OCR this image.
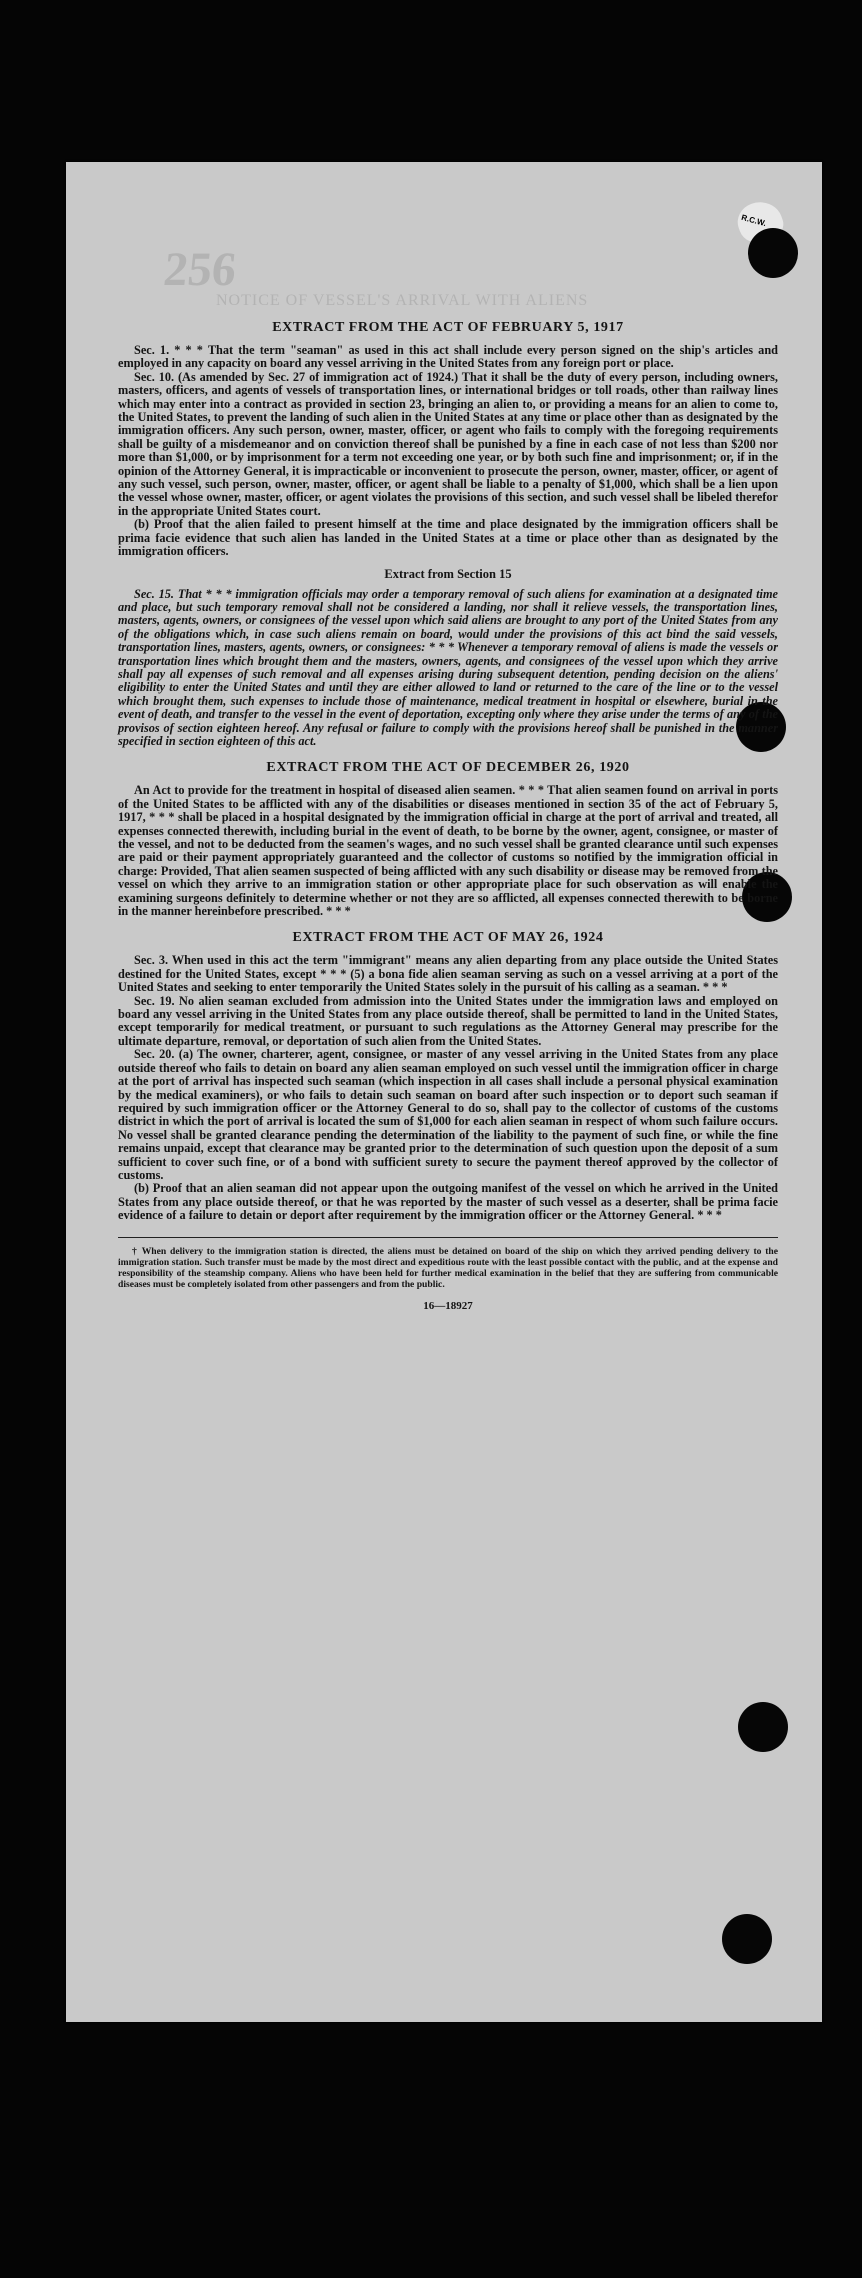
256
NOTICE OF VESSEL'S ARRIVAL WITH ALIENS
R.C.W.
EXTRACT FROM THE ACT OF FEBRUARY 5, 1917

Sec. 1. * * * That the term "seaman" as used in this act shall include every person signed on the ship's articles and employed in any capacity on board any vessel arriving in the United States from any foreign port or place.

Sec. 10. (As amended by Sec. 27 of immigration act of 1924.) That it shall be the duty of every person, including owners, masters, officers, and agents of vessels of transportation lines, or international bridges or toll roads, other than railway lines which may enter into a contract as provided in section 23, bringing an alien to, or providing a means for an alien to come to, the United States, to prevent the landing of such alien in the United States at any time or place other than as designated by the immigration officers. Any such person, owner, master, officer, or agent who fails to comply with the foregoing requirements shall be guilty of a misdemeanor and on conviction thereof shall be punished by a fine in each case of not less than $200 nor more than $1,000, or by imprisonment for a term not exceeding one year, or by both such fine and imprisonment; or, if in the opinion of the Attorney General, it is impracticable or inconvenient to prosecute the person, owner, master, officer, or agent of any such vessel, such person, owner, master, officer, or agent shall be liable to a penalty of $1,000, which shall be a lien upon the vessel whose owner, master, officer, or agent violates the provisions of this section, and such vessel shall be libeled therefor in the appropriate United States court.

(b) Proof that the alien failed to present himself at the time and place designated by the immigration officers shall be prima facie evidence that such alien has landed in the United States at a time or place other than as designated by the immigration officers.

Extract from Section 15

Sec. 15. That * * * immigration officials may order a temporary removal of such aliens for examination at a designated time and place, but such temporary removal shall not be considered a landing, nor shall it relieve vessels, the transportation lines, masters, agents, owners, or consignees of the vessel upon which said aliens are brought to any port of the United States from any of the obligations which, in case such aliens remain on board, would under the provisions of this act bind the said vessels, transportation lines, masters, agents, owners, or consignees: * * * Whenever a temporary removal of aliens is made the vessels or transportation lines which brought them and the masters, owners, agents, and consignees of the vessel upon which they arrive shall pay all expenses of such removal and all expenses arising during subsequent detention, pending decision on the aliens' eligibility to enter the United States and until they are either allowed to land or returned to the care of the line or to the vessel which brought them, such expenses to include those of maintenance, medical treatment in hospital or elsewhere, burial in the event of death, and transfer to the vessel in the event of deportation, excepting only where they arise under the terms of any of the provisos of section eighteen hereof. Any refusal or failure to comply with the provisions hereof shall be punished in the manner specified in section eighteen of this act.

EXTRACT FROM THE ACT OF DECEMBER 26, 1920

An Act to provide for the treatment in hospital of diseased alien seamen. * * * That alien seamen found on arrival in ports of the United States to be afflicted with any of the disabilities or diseases mentioned in section 35 of the act of February 5, 1917, * * * shall be placed in a hospital designated by the immigration official in charge at the port of arrival and treated, all expenses connected therewith, including burial in the event of death, to be borne by the owner, agent, consignee, or master of the vessel, and not to be deducted from the seamen's wages, and no such vessel shall be granted clearance until such expenses are paid or their payment appropriately guaranteed and the collector of customs so notified by the immigration official in charge: Provided, That alien seamen suspected of being afflicted with any such disability or disease may be removed from the vessel on which they arrive to an immigration station or other appropriate place for such observation as will enable the examining surgeons definitely to determine whether or not they are so afflicted, all expenses connected therewith to be borne in the manner hereinbefore prescribed. * * *

EXTRACT FROM THE ACT OF MAY 26, 1924

Sec. 3. When used in this act the term "immigrant" means any alien departing from any place outside the United States destined for the United States, except * * * (5) a bona fide alien seaman serving as such on a vessel arriving at a port of the United States and seeking to enter temporarily the United States solely in the pursuit of his calling as a seaman. * * *

Sec. 19. No alien seaman excluded from admission into the United States under the immigration laws and employed on board any vessel arriving in the United States from any place outside thereof, shall be permitted to land in the United States, except temporarily for medical treatment, or pursuant to such regulations as the Attorney General may prescribe for the ultimate departure, removal, or deportation of such alien from the United States.

Sec. 20. (a) The owner, charterer, agent, consignee, or master of any vessel arriving in the United States from any place outside thereof who fails to detain on board any alien seaman employed on such vessel until the immigration officer in charge at the port of arrival has inspected such seaman (which inspection in all cases shall include a personal physical examination by the medical examiners), or who fails to detain such seaman on board after such inspection or to deport such seaman if required by such immigration officer or the Attorney General to do so, shall pay to the collector of customs of the customs district in which the port of arrival is located the sum of $1,000 for each alien seaman in respect of whom such failure occurs. No vessel shall be granted clearance pending the determination of the liability to the payment of such fine, or while the fine remains unpaid, except that clearance may be granted prior to the determination of such question upon the deposit of a sum sufficient to cover such fine, or of a bond with sufficient surety to secure the payment thereof approved by the collector of customs.

(b) Proof that an alien seaman did not appear upon the outgoing manifest of the vessel on which he arrived in the United States from any place outside thereof, or that he was reported by the master of such vessel as a deserter, shall be prima facie evidence of a failure to detain or deport after requirement by the immigration officer or the Attorney General. * * *

† When delivery to the immigration station is directed, the aliens must be detained on board of the ship on which they arrived pending delivery to the immigration station. Such transfer must be made by the most direct and expeditious route with the least possible contact with the public, and at the expense and responsibility of the steamship company. Aliens who have been held for further medical examination in the belief that they are suffering from communicable diseases must be completely isolated from other passengers and from the public.

16—18927
